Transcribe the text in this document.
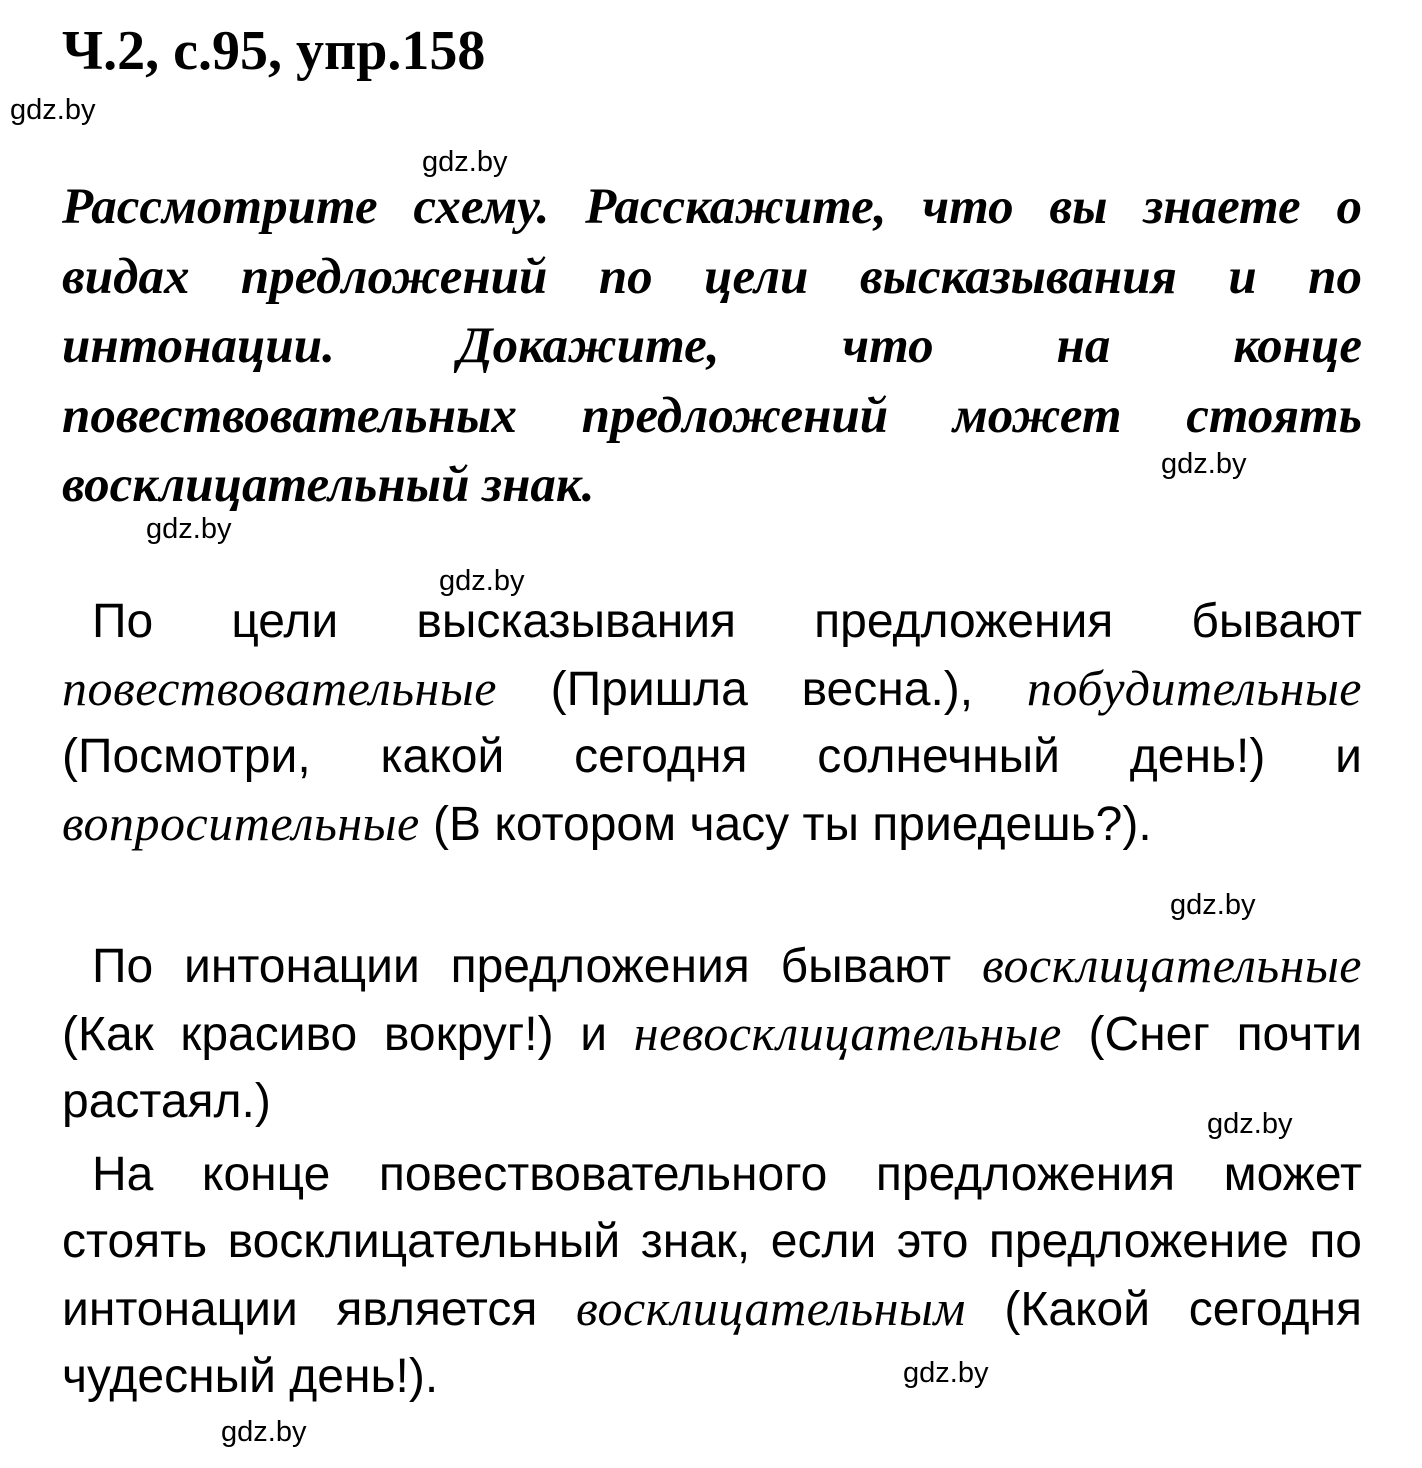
Ч.2, с.95, упр.158
Рассмотрите схему. Расскажите, что вы знаете о видах предложений по цели высказывания и по интонации. Докажите, что на конце повествовательных предложений может стоять восклицательный знак.
По цели высказывания предложения бывают повествовательные (Пришла весна.), побудительные (Посмотри, какой сегодня солнечный день!) и вопросительные (В котором часу ты приедешь?).
По интонации предложения бывают восклицательные (Как красиво вокруг!) и невосклицательные (Снег почти растаял.)
На конце повествовательного предложения может стоять восклицательный знак, если это предложение по интонации является восклицательным (Какой сегодня чудесный день!).
gdz.by
gdz.by
gdz.by
gdz.by
gdz.by
gdz.by
gdz.by
gdz.by
gdz.by
